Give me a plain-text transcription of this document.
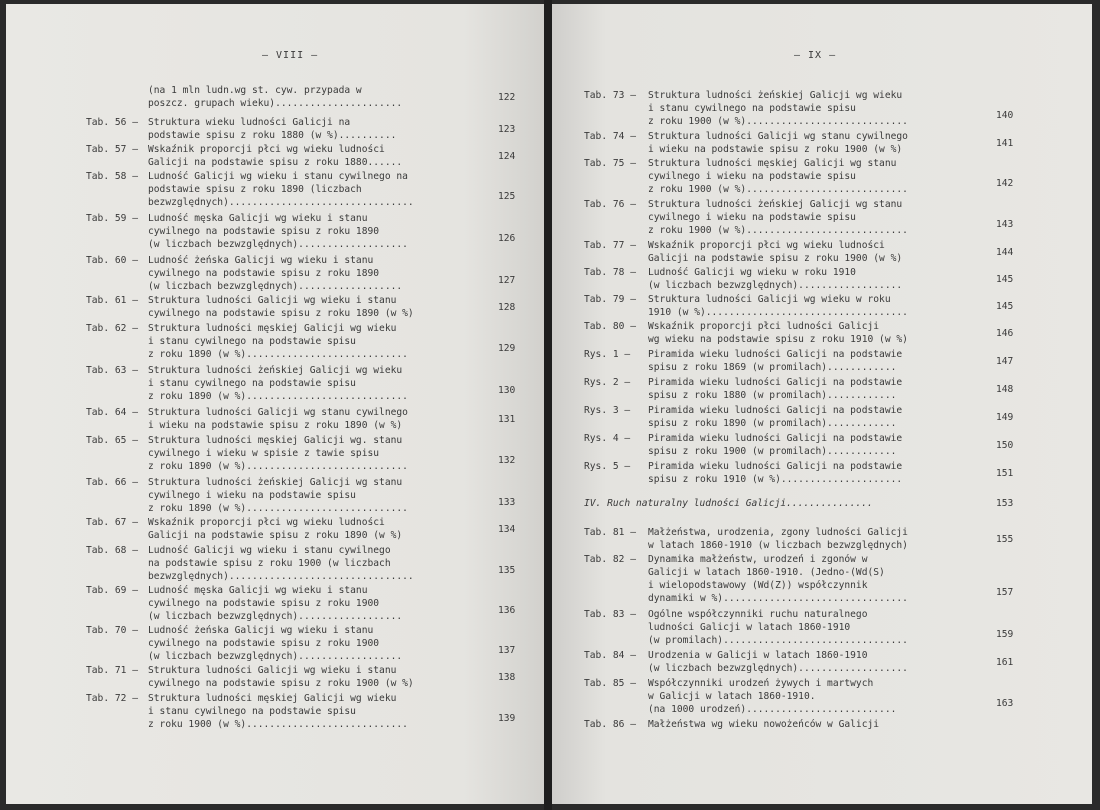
– VIII –
(na 1 mln ludn.wg st. cyw. przypada w
poszcz. grupach wieku)......................
122
Tab. 56 – Struktura wieku ludności Galicji na
podstawie spisu z roku 1880 (w %)..........
123
Tab. 57 – Wskaźnik proporcji płci wg wieku ludności
Galicji na podstawie spisu z roku 1880......
124
Tab. 58 – Ludność Galicji wg wieku i stanu cywilnego na
podstawie spisu z roku 1890 (liczbach
bezwzględnych)................................
125
Tab. 59 – Ludność męska Galicji wg wieku i stanu
cywilnego na podstawie spisu z roku 1890
(w liczbach bezwzględnych)...................
126
Tab. 60 – Ludność żeńska Galicji wg wieku i stanu
cywilnego na podstawie spisu z roku 1890
(w liczbach bezwzględnych)..................
127
Tab. 61 – Struktura ludności Galicji wg wieku i stanu
cywilnego na podstawie spisu z roku 1890 (w %)
128
Tab. 62 – Struktura ludności męskiej Galicji wg wieku
i stanu cywilnego na podstawie spisu
z roku 1890 (w %)............................
129
Tab. 63 – Struktura ludności żeńskiej Galicji wg wieku
i stanu cywilnego na podstawie spisu
z roku 1890 (w %)............................
130
Tab. 64 – Struktura ludności Galicji wg stanu cywilnego
i wieku na podstawie spisu z roku 1890 (w %)
131
Tab. 65 – Struktura ludności męskiej Galicji wg. stanu
cywilnego i wieku w spisie z tawie spisu
z roku 1890 (w %)............................
132
Tab. 66 – Struktura ludności żeńskiej Galicji wg stanu
cywilnego i wieku na podstawie spisu
z roku 1890 (w %)............................
133
Tab. 67 – Wskaźnik proporcji płci wg wieku ludności
Galicji na podstawie spisu z roku 1890 (w %)
134
Tab. 68 – Ludność Galicji wg wieku i stanu cywilnego
na podstawie spisu z roku 1900 (w liczbach
bezwzględnych)................................
135
Tab. 69 – Ludność męska Galicji wg wieku i stanu
cywilnego na podstawie spisu z roku 1900
(w liczbach bezwzględnych)..................
136
Tab. 70 – Ludność żeńska Galicji wg wieku i stanu
cywilnego na podstawie spisu z roku 1900
(w liczbach bezwzględnych)..................
137
Tab. 71 – Struktura ludności Galicji wg wieku i stanu
cywilnego na podstawie spisu z roku 1900 (w %)
138
Tab. 72 – Struktura ludności męskiej Galicji wg wieku
i stanu cywilnego na podstawie spisu
z roku 1900 (w %)............................
139
– IX –
Tab. 73 – Struktura ludności żeńskiej Galicji wg wieku
i stanu cywilnego na podstawie spisu
z roku 1900 (w %)............................
140
Tab. 74 – Struktura ludności Galicji wg stanu cywilnego
i wieku na podstawie spisu z roku 1900 (w %)
141
Tab. 75 – Struktura ludności męskiej Galicji wg stanu
cywilnego i wieku na podstawie spisu
z roku 1900 (w %)............................
142
Tab. 76 – Struktura ludności żeńskiej Galicji wg stanu
cywilnego i wieku na podstawie spisu
z roku 1900 (w %)............................
143
Tab. 77 – Wskaźnik proporcji płci wg wieku ludności
Galicji na podstawie spisu z roku 1900 (w %)
144
Tab. 78 – Ludność Galicji wg wieku w roku 1910
(w liczbach bezwzględnych)..................
145
Tab. 79 – Struktura ludności Galicji wg wieku w roku
1910 (w %)...................................
145
Tab. 80 – Wskaźnik proporcji płci ludności Galicji
wg wieku na podstawie spisu z roku 1910 (w %)
146
Rys. 1 – Piramida wieku ludności Galicji na podstawie
spisu z roku 1869 (w promilach)............
147
Rys. 2 – Piramida wieku ludności Galicji na podstawie
spisu z roku 1880 (w promilach)............
148
Rys. 3 – Piramida wieku ludności Galicji na podstawie
spisu z roku 1890 (w promilach)............
149
Rys. 4 – Piramida wieku ludności Galicji na podstawie
spisu z roku 1900 (w promilach)............
150
Rys. 5 – Piramida wieku ludności Galicji na podstawie
spisu z roku 1910 (w %).....................
151
IV. Ruch naturalny ludności Galicji...............	153
Tab. 81 – Małżeństwa, urodzenia, zgony ludności Galicji
w latach 1860-1910 (w liczbach bezwzględnych)
155
Tab. 82 – Dynamika małżeństw, urodzeń i zgonów w
Galicji w latach 1860-1910. (Jedno-(Wd(S)
i wielopodstawowy (Wd(Z)) współczynnik
dynamiki w %)................................
157
Tab. 83 – Ogólne współczynniki ruchu naturalnego
ludności Galicji w latach 1860-1910
(w promilach)................................
159
Tab. 84 – Urodzenia w Galicji w latach 1860-1910
(w liczbach bezwzględnych)...................
161
Tab. 85 – Współczynniki urodzeń żywych i martwych
w Galicji w latach 1860-1910.
(na 1000 urodzeń)..........................
163
Tab. 86 – Małżeństwa wg wieku nowożeńców w Galicji
